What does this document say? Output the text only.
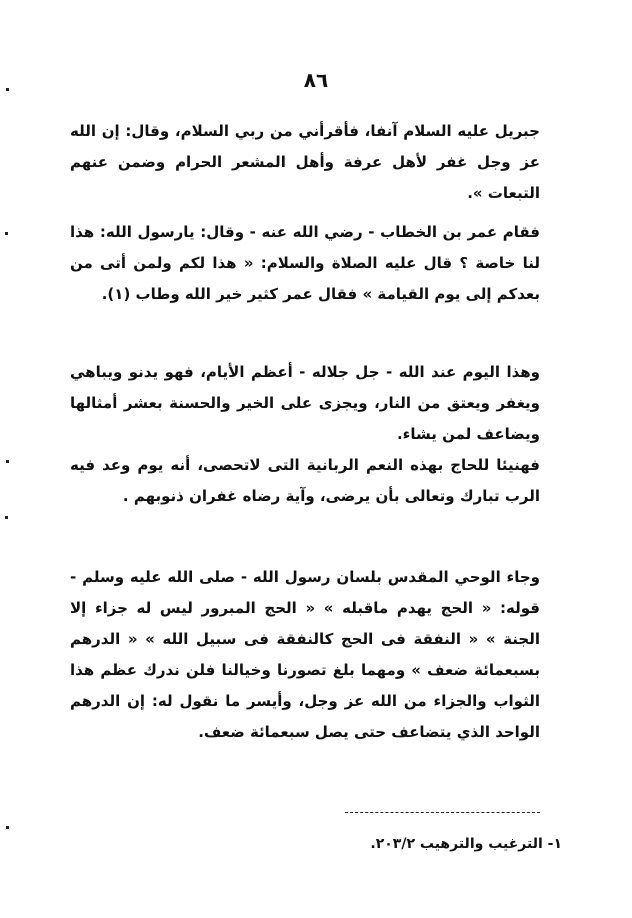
٨٦

جبريل عليه السلام آنفا، فأقرأني من ربي السلام، وقال: إن الله عز وجل غفر لأهل عرفة وأهل المشعر الحرام وضمن عنهم التبعات ».

فقام عمر بن الخطاب - رضي الله عنه - وقال: يارسول الله: هذا لنا خاصة ؟ قال عليه الصلاة والسلام: « هذا لكم ولمن أتى من بعدكم إلى يوم القيامة » فقال عمر كثير خير الله وطاب (١).

وهذا اليوم عند الله - جل جلاله - أعظم الأيام، فهو يدنو ويباهي ويغفر ويعتق من النار، ويجزى على الخير والحسنة بعشر أمثالها ويضاعف لمن يشاء.

فهنيئا للحاج بهذه النعم الربانية التى لاتحصى، أنه يوم وعد فيه الرب تبارك وتعالى بأن يرضى، وآية رضاه غفران ذنوبهم .

وجاء الوحي المقدس بلسان رسول الله - صلى الله عليه وسلم - قوله: « الحج يهدم ماقبله » « الحج المبرور ليس له جزاء إلا الجنة » « النفقة فى الحج كالنفقة فى سبيل الله » « الدرهم بسبعمائة ضعف » ومهما بلغ تصورنا وخيالنا فلن ندرك عظم هذا الثواب والجزاء من الله عز وجل، وأيسر ما نقول له: إن الدرهم الواحد الذي يتضاعف حتى يصل سبعمائة ضعف.

١- الترغيب والترهيب ٢٠٣/٢.
